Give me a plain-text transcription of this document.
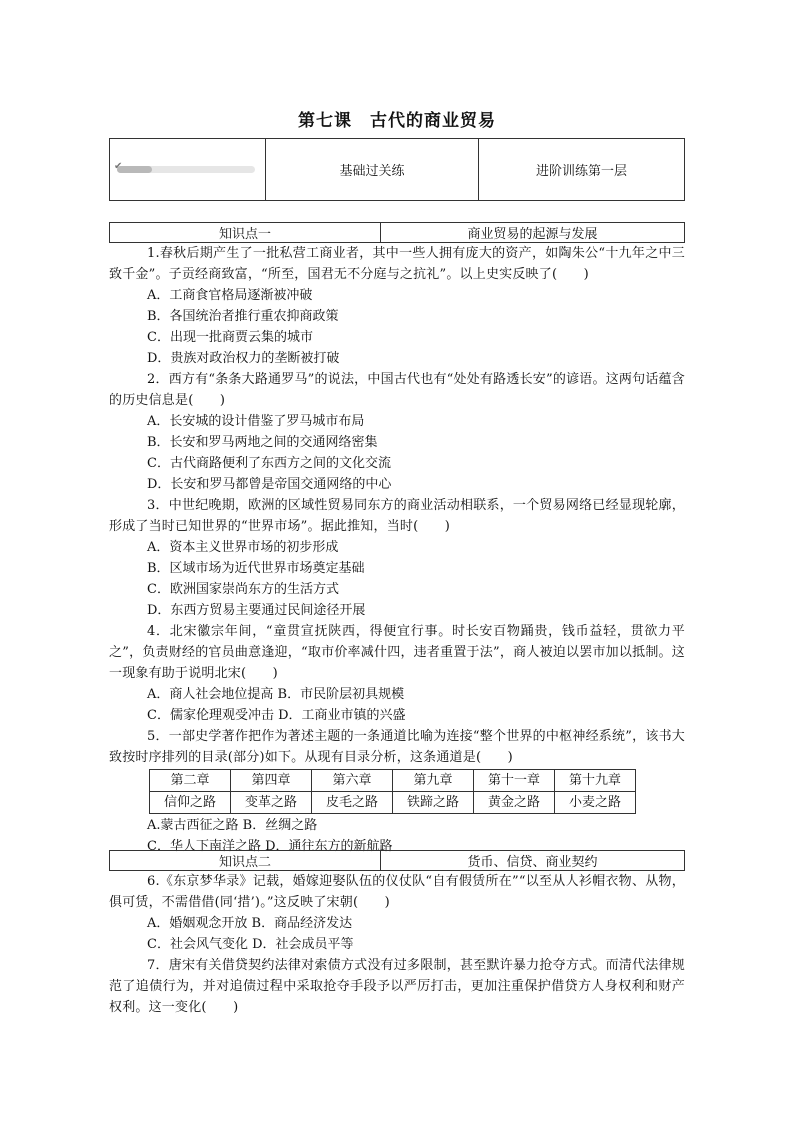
第七课　古代的商业贸易
✔	基础过关练	进阶训练第一层
知识点一	商业贸易的起源与发展

1.春秋后期产生了一批私营工商业者，其中一些人拥有庞大的资产，如陶朱公“十九年之中三致千金”。子贡经商致富，“所至，国君无不分庭与之抗礼”。以上史实反映了(　　)

A．工商食官格局逐渐被冲破

B．各国统治者推行重农抑商政策

C．出现一批商贾云集的城市

D．贵族对政治权力的垄断被打破

2．西方有“条条大路通罗马”的说法，中国古代也有“处处有路透长安”的谚语。这两句话蕴含的历史信息是(　　)

A．长安城的设计借鉴了罗马城市布局

B．长安和罗马两地之间的交通网络密集

C．古代商路便利了东西方之间的文化交流

D．长安和罗马都曾是帝国交通网络的中心

3．中世纪晚期，欧洲的区域性贸易同东方的商业活动相联系，一个贸易网络已经显现轮廓，形成了当时已知世界的“世界市场”。据此推知，当时(　　)

A．资本主义世界市场的初步形成

B．区域市场为近代世界市场奠定基础

C．欧洲国家崇尚东方的生活方式

D．东西方贸易主要通过民间途径开展

4．北宋徽宗年间，“童贯宣抚陕西，得便宜行事。时长安百物踊贵，钱币益轻，贯欲力平之”，负责财经的官员曲意逢迎，“取市价率减什四，违者重置于法”，商人被迫以罢市加以抵制。这一现象有助于说明北宋(　　)

A．商人社会地位提高 B．市民阶层初具规模

C．儒家伦理观受冲击 D．工商业市镇的兴盛

5．一部史学著作把作为著述主题的一条通道比喻为连接“整个世界的中枢神经系统”，该书大致按时序排列的目录(部分)如下。从现有目录分析，这条通道是(　　)

第二章	第四章	第六章	第九章	第十一章	第十九章
信仰之路	变革之路	皮毛之路	铁蹄之路	黄金之路	小麦之路

A.蒙古西征之路 B．丝绸之路

C．华人下南洋之路 D．通往东方的新航路

知识点二	货币、信贷、商业契约

6.《东京梦华录》记载，婚嫁迎娶队伍的仪仗队“自有假赁所在”“以至从人衫帽衣物、从物，俱可赁，不需借借(同‘措’)。”这反映了宋朝(　　)

A．婚姻观念开放 B．商品经济发达

C．社会风气变化 D．社会成员平等

7．唐宋有关借贷契约法律对索债方式没有过多限制，甚至默许暴力抢夺方式。而清代法律规范了追债行为，并对追债过程中采取抢夺手段予以严厉打击，更加注重保护借贷方人身权利和财产权利。这一变化(　　)
